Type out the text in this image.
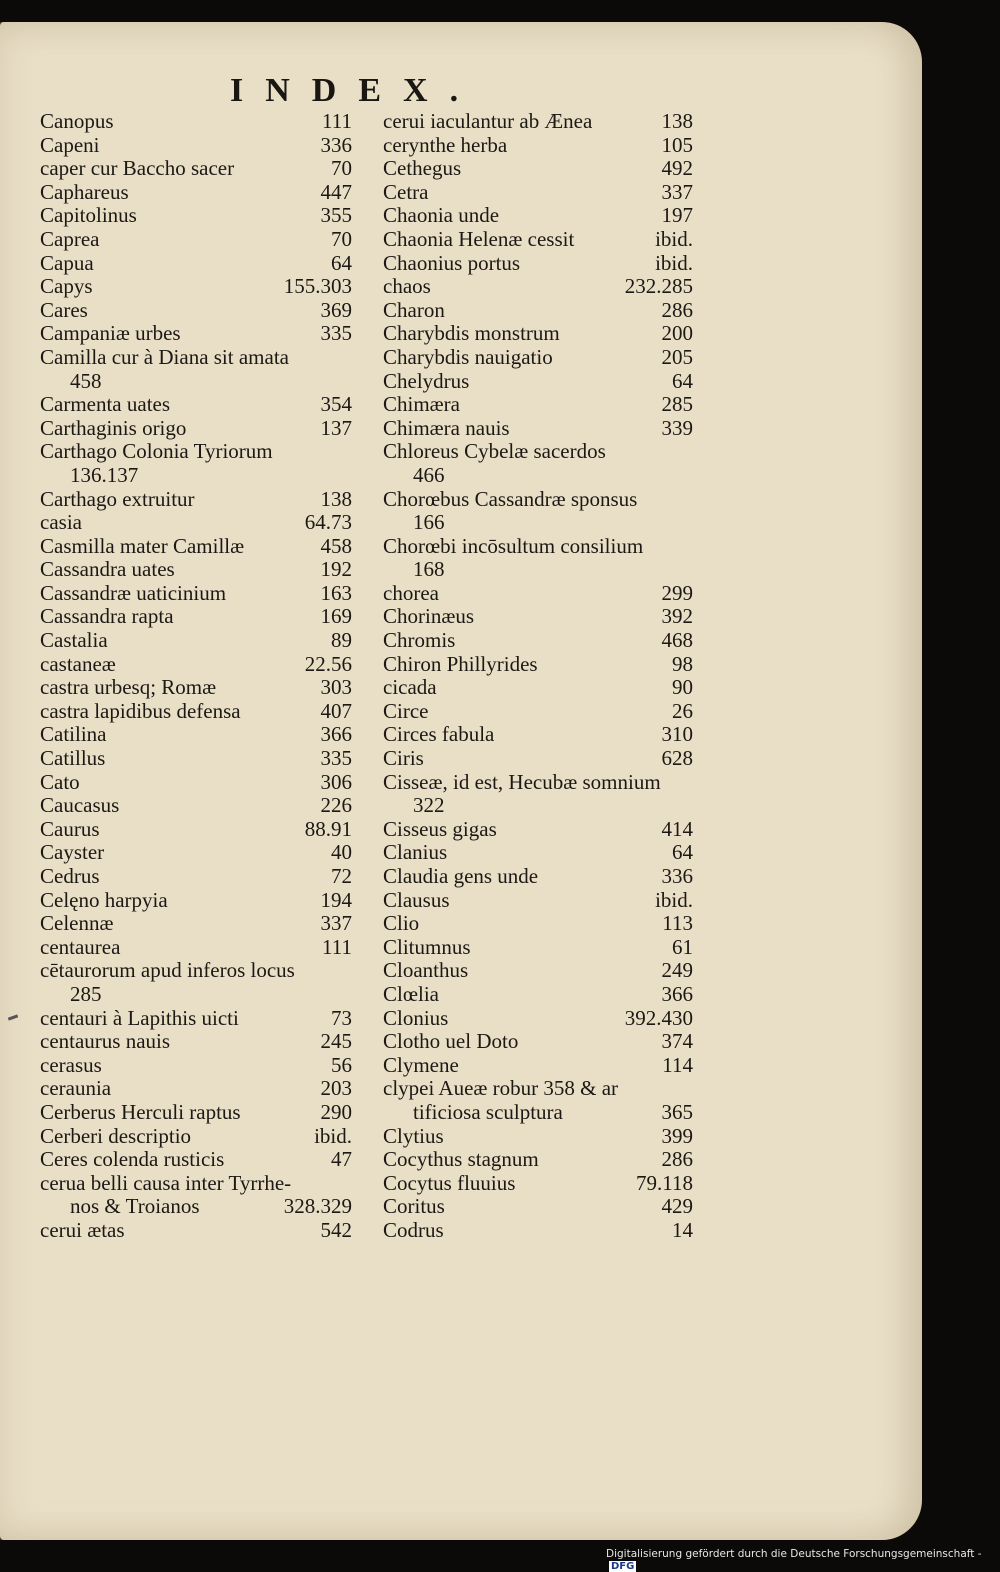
INDEX.
Canopus	111
Capeni	336
caper cur Baccho sacer	70
Caphareus	447
Capitolinus	355
Caprea	70
Capua	64
Capys	155.303
Cares	369
Campaniæ urbes	335
Camilla cur à Diana sit amata
458
Carmenta uates	354
Carthaginis origo	137
Carthago Colonia Tyriorum
136.137
Carthago extruitur	138
casia	64.73
Casmilla mater Camillæ	458
Cassandra uates	192
Cassandræ uaticinium	163
Cassandra rapta	169
Castalia	89
castaneæ	22.56
castra urbesq; Romæ	303
castra lapidibus defensa	407
Catilina	366
Catillus	335
Cato	306
Caucasus	226
Caurus	88.91
Cayster	40
Cedrus	72
Celęno harpyia	194
Celennæ	337
centaurea	111
cētaurorum apud inferos locus
285
centauri à Lapithis uicti	73
centaurus nauis	245
cerasus	56
ceraunia	203
Cerberus Herculi raptus	290
Cerberi descriptio	ibid.
Ceres colenda rusticis	47
cerua belli causa inter Tyrrhe-
nos & Troianos	328.329
cerui ætas	542
cerui iaculantur ab Ænea	138
cerynthe herba	105
Cethegus	492
Cetra	337
Chaonia unde	197
Chaonia Helenæ cessit	ibid.
Chaonius portus	ibid.
chaos	232.285
Charon	286
Charybdis monstrum	200
Charybdis nauigatio	205
Chelydrus	64
Chimæra	285
Chimæra nauis	339
Chloreus Cybelæ sacerdos
466
Chorœbus Cassandræ sponsus
166
Chorœbi incōsultum consilium
168
chorea	299
Chorinæus	392
Chromis	468
Chiron Phillyrides	98
cicada	90
Circe	26
Circes fabula	310
Ciris	628
Cisseæ, id est, Hecubæ somnium
322
Cisseus gigas	414
Clanius	64
Claudia gens unde	336
Clausus	ibid.
Clio	113
Clitumnus	61
Cloanthus	249
Clœlia	366
Clonius	392.430
Clotho uel Doto	374
Clymene	114
clypei Aueæ robur 358 & ar
tificiosa sculptura	365
Clytius	399
Cocythus stagnum	286
Cocytus fluuius	79.118
Coritus	429
Codrus	14
Digitalisierung gefördert durch die Deutsche Forschungsgemeinschaft -DFG
